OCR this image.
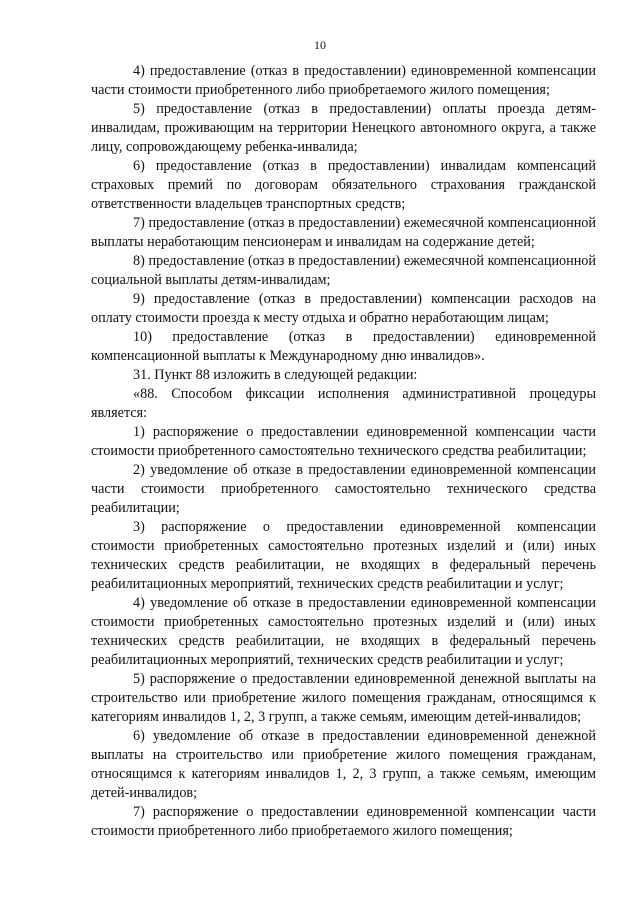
10

4) предоставление (отказ в предоставлении) единовременной компенсации части стоимости приобретенного либо приобретаемого жилого помещения;

5) предоставление (отказ в предоставлении) оплаты проезда детям-инвалидам, проживающим на территории Ненецкого автономного округа, а также лицу, сопровождающему ребенка-инвалида;

6) предоставление (отказ в предоставлении) инвалидам компенсаций страховых премий по договорам обязательного страхования гражданской ответственности владельцев транспортных средств;

7) предоставление (отказ в предоставлении) ежемесячной компенсационной выплаты неработающим пенсионерам и инвалидам на содержание детей;

8) предоставление (отказ в предоставлении) ежемесячной компенсационной социальной выплаты детям-инвалидам;

9) предоставление (отказ в предоставлении) компенсации расходов на оплату стоимости проезда к месту отдыха и обратно неработающим лицам;

10) предоставление (отказ в предоставлении) единовременной компенсационной выплаты к Международному дню инвалидов».

31. Пункт 88 изложить в следующей редакции:

«88. Способом фиксации исполнения административной процедуры является:

1) распоряжение о предоставлении единовременной компенсации части стоимости приобретенного самостоятельно технического средства реабилитации;

2) уведомление об отказе в предоставлении единовременной компенсации части стоимости приобретенного самостоятельно технического средства реабилитации;

3) распоряжение о предоставлении единовременной компенсации стоимости приобретенных самостоятельно протезных изделий и (или) иных технических средств реабилитации, не входящих в федеральный перечень реабилитационных мероприятий, технических средств реабилитации и услуг;

4) уведомление об отказе в предоставлении единовременной компенсации стоимости приобретенных самостоятельно протезных изделий и (или) иных технических средств реабилитации, не входящих в федеральный перечень реабилитационных мероприятий, технических средств реабилитации и услуг;

5) распоряжение о предоставлении единовременной денежной выплаты на строительство или приобретение жилого помещения гражданам, относящимся к категориям инвалидов 1, 2, 3 групп, а также семьям, имеющим детей-инвалидов;

6) уведомление об отказе в предоставлении единовременной денежной выплаты на строительство или приобретение жилого помещения гражданам, относящимся к категориям инвалидов 1, 2, 3 групп, а также семьям, имеющим детей-инвалидов;

7) распоряжение о предоставлении единовременной компенсации части стоимости приобретенного либо приобретаемого жилого помещения;
